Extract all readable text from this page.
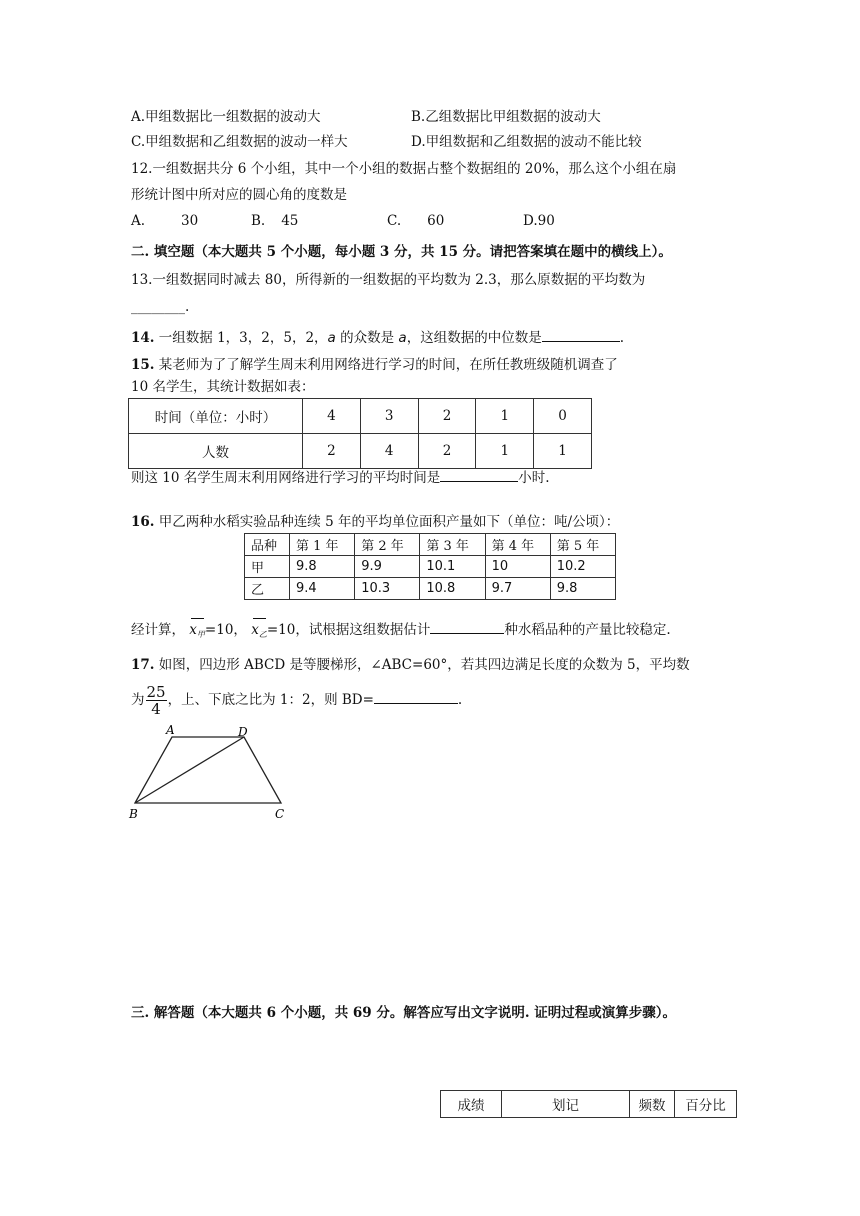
A.甲组数据比一组数据的波动大	B.乙组数据比甲组数据的波动大
C.甲组数据和乙组数据的波动一样大	D.甲组数据和乙组数据的波动不能比较
12.一组数据共分 6 个小组，其中一个小组的数据占整个数据组的 20%，那么这个小组在扇
形统计图中所对应的圆心角的度数是
A.	30	B. 45	C. 60	D.90
二. 填空题（本大题共 5 个小题，每小题 3 分，共 15 分。请把答案填在题中的横线上）。
13.一组数据同时减去 80，所得新的一组数据的平均数为 2.3，那么原数据的平均数为
________.
14. 一组数据 1，3，2，5，2，a 的众数是 a，这组数据的中位数是	.
15. 某老师为了了解学生周末利用网络进行学习的时间，在所任教班级随机调查了
10 名学生，其统计数据如表：
时间（单位：小时）	4	3	2	1	0
人数	2	4	2	1	1
则这 10 名学生周末利用网络进行学习的平均时间是	小时.
16. 甲乙两种水稻实验品种连续 5 年的平均单位面积产量如下（单位：吨/公顷）：
品种	第 1 年	第 2 年	第 3 年	第 4 年	第 5 年
甲	9.8	9.9	10.1	10	10.2
乙	9.4	10.3	10.8	9.7	9.8
经计算， $x_甲=10$， $x_乙=10$，试根据这组数据估计	种水稻品种的产量比较稳定.
17. 如图，四边形 ABCD 是等腰梯形，∠ABC=60°，若其四边满足长度的众数为 5，平均数
为 $\frac{25}{4}$ ，上、下底之比为 1：2，则 BD=	.
A	D
B	C
三. 解答题（本大题共 6 个小题，共 69 分。解答应写出文字说明. 证明过程或演算步骤）。
成绩	划记	频数	百分比
